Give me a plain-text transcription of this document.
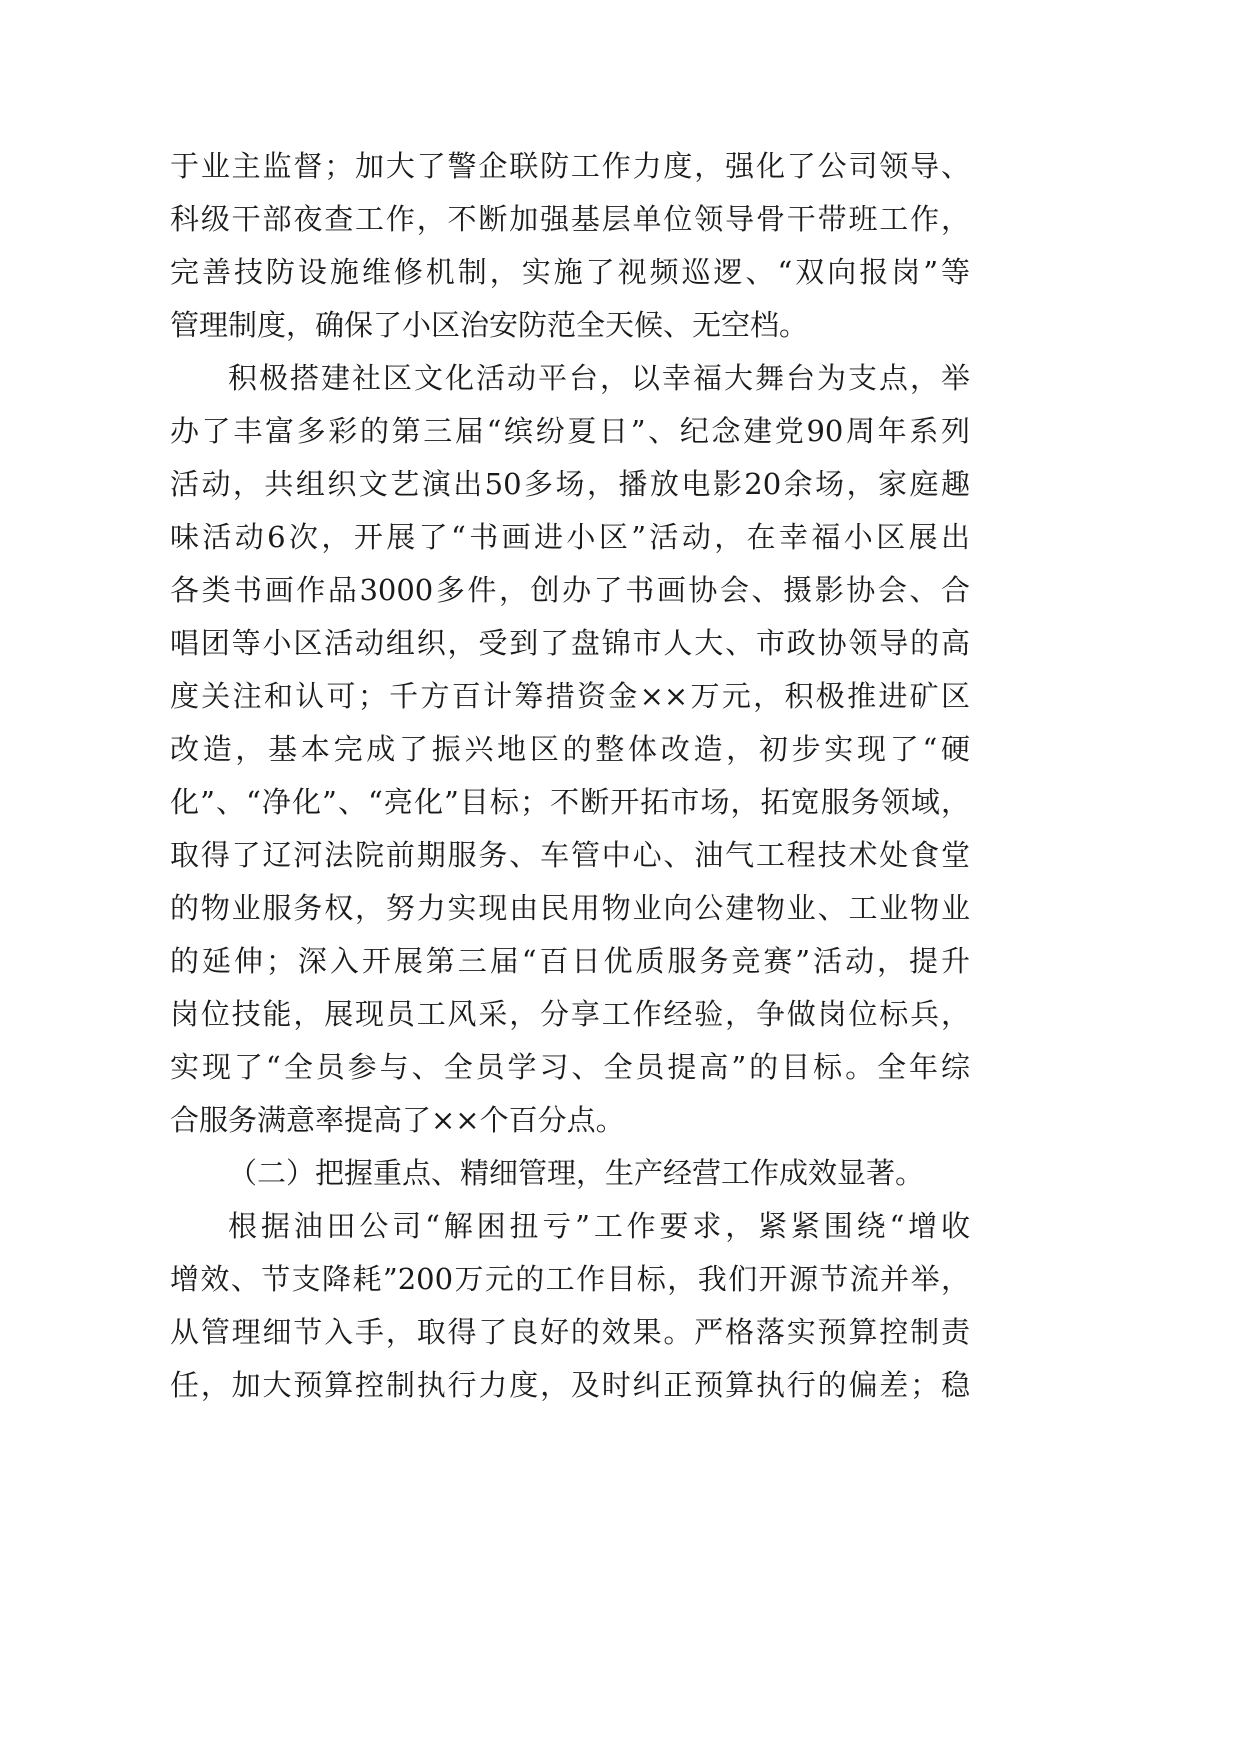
于业主监督；加大了警企联防工作力度，强化了公司领导、
科级干部夜查工作，不断加强基层单位领导骨干带班工作，
完善技防设施维修机制，实施了视频巡逻、“双向报岗”等
管理制度，确保了小区治安防范全天候、无空档。
积极搭建社区文化活动平台，以幸福大舞台为支点，举
办了丰富多彩的第三届“缤纷夏日”、纪念建党90周年系列
活动，共组织文艺演出50多场，播放电影20余场，家庭趣
味活动6次，开展了“书画进小区”活动，在幸福小区展出
各类书画作品3000多件，创办了书画协会、摄影协会、合
唱团等小区活动组织，受到了盘锦市人大、市政协领导的高
度关注和认可；千方百计筹措资金××万元，积极推进矿区
改造，基本完成了振兴地区的整体改造，初步实现了“硬
化”、“净化”、“亮化”目标；不断开拓市场，拓宽服务领域，
取得了辽河法院前期服务、车管中心、油气工程技术处食堂
的物业服务权，努力实现由民用物业向公建物业、工业物业
的延伸；深入开展第三届“百日优质服务竞赛”活动，提升
岗位技能，展现员工风采，分享工作经验，争做岗位标兵，
实现了“全员参与、全员学习、全员提高”的目标。全年综
合服务满意率提高了××个百分点。
（二）把握重点、精细管理，生产经营工作成效显著。
根据油田公司“解困扭亏”工作要求，紧紧围绕“增收
增效、节支降耗”200万元的工作目标，我们开源节流并举，
从管理细节入手，取得了良好的效果。严格落实预算控制责
任，加大预算控制执行力度，及时纠正预算执行的偏差；稳
